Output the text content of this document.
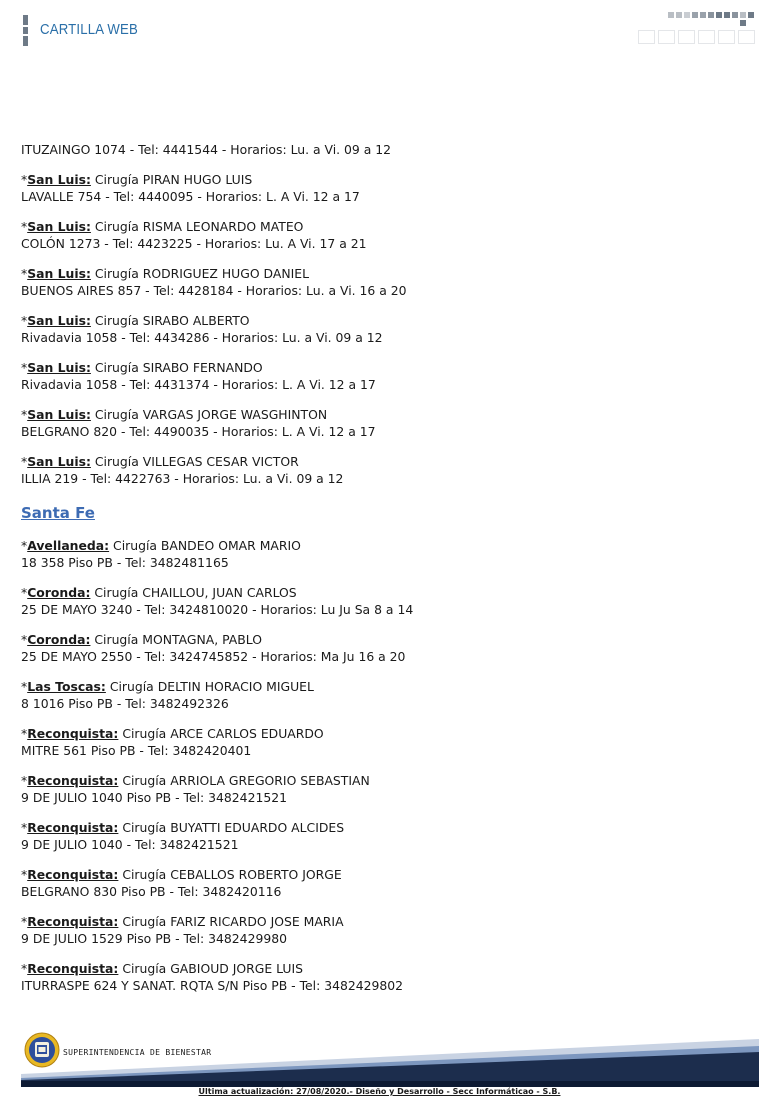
CARTILLA WEB
ITUZAINGO 1074 - Tel: 4441544 - Horarios: Lu. a Vi. 09 a 12
*San Luis: Cirugía PIRAN HUGO LUIS
LAVALLE 754 - Tel: 4440095 - Horarios: L. A Vi. 12 a 17
*San Luis: Cirugía RISMA LEONARDO MATEO
COLÓN 1273 - Tel: 4423225 - Horarios: Lu. A Vi. 17 a 21
*San Luis: Cirugía RODRIGUEZ HUGO DANIEL
BUENOS AIRES 857 - Tel: 4428184 - Horarios: Lu. a Vi. 16 a 20
*San Luis: Cirugía SIRABO ALBERTO
Rivadavia 1058 - Tel: 4434286 - Horarios: Lu. a Vi. 09 a 12
*San Luis: Cirugía SIRABO FERNANDO
Rivadavia 1058 - Tel: 4431374 - Horarios: L. A Vi. 12 a 17
*San Luis: Cirugía VARGAS JORGE WASGHINTON
BELGRANO 820 - Tel: 4490035 - Horarios: L. A Vi. 12 a 17
*San Luis: Cirugía VILLEGAS CESAR VICTOR
ILLIA 219 - Tel: 4422763 - Horarios: Lu. a Vi. 09 a 12
Santa Fe
*Avellaneda: Cirugía BANDEO OMAR MARIO
18 358 Piso PB - Tel: 3482481165
*Coronda: Cirugía CHAILLOU, JUAN CARLOS
25 DE MAYO 3240 - Tel: 3424810020 - Horarios: Lu Ju Sa 8 a 14
*Coronda: Cirugía MONTAGNA, PABLO
25 DE MAYO 2550 - Tel: 3424745852 - Horarios: Ma Ju 16 a 20
*Las Toscas: Cirugía DELTIN HORACIO MIGUEL
8 1016 Piso PB - Tel: 3482492326
*Reconquista: Cirugía ARCE CARLOS EDUARDO
MITRE 561 Piso PB - Tel: 3482420401
*Reconquista: Cirugía ARRIOLA GREGORIO SEBASTIAN
9 DE JULIO 1040 Piso PB - Tel: 3482421521
*Reconquista: Cirugía BUYATTI EDUARDO ALCIDES
9 DE JULIO 1040 - Tel: 3482421521
*Reconquista: Cirugía CEBALLOS ROBERTO JORGE
BELGRANO 830 Piso PB - Tel: 3482420116
*Reconquista: Cirugía FARIZ RICARDO JOSE MARIA
9 DE JULIO 1529 Piso PB - Tel: 3482429980
*Reconquista: Cirugía GABIOUD JORGE LUIS
ITURRASPE 624 Y SANAT. RQTA S/N Piso PB - Tel: 3482429802
SUPERINTENDENCIA DE BIENESTAR
Ultima actualización: 27/08/2020.- Diseño y Desarrollo - Secc Informáticao - S.B.
